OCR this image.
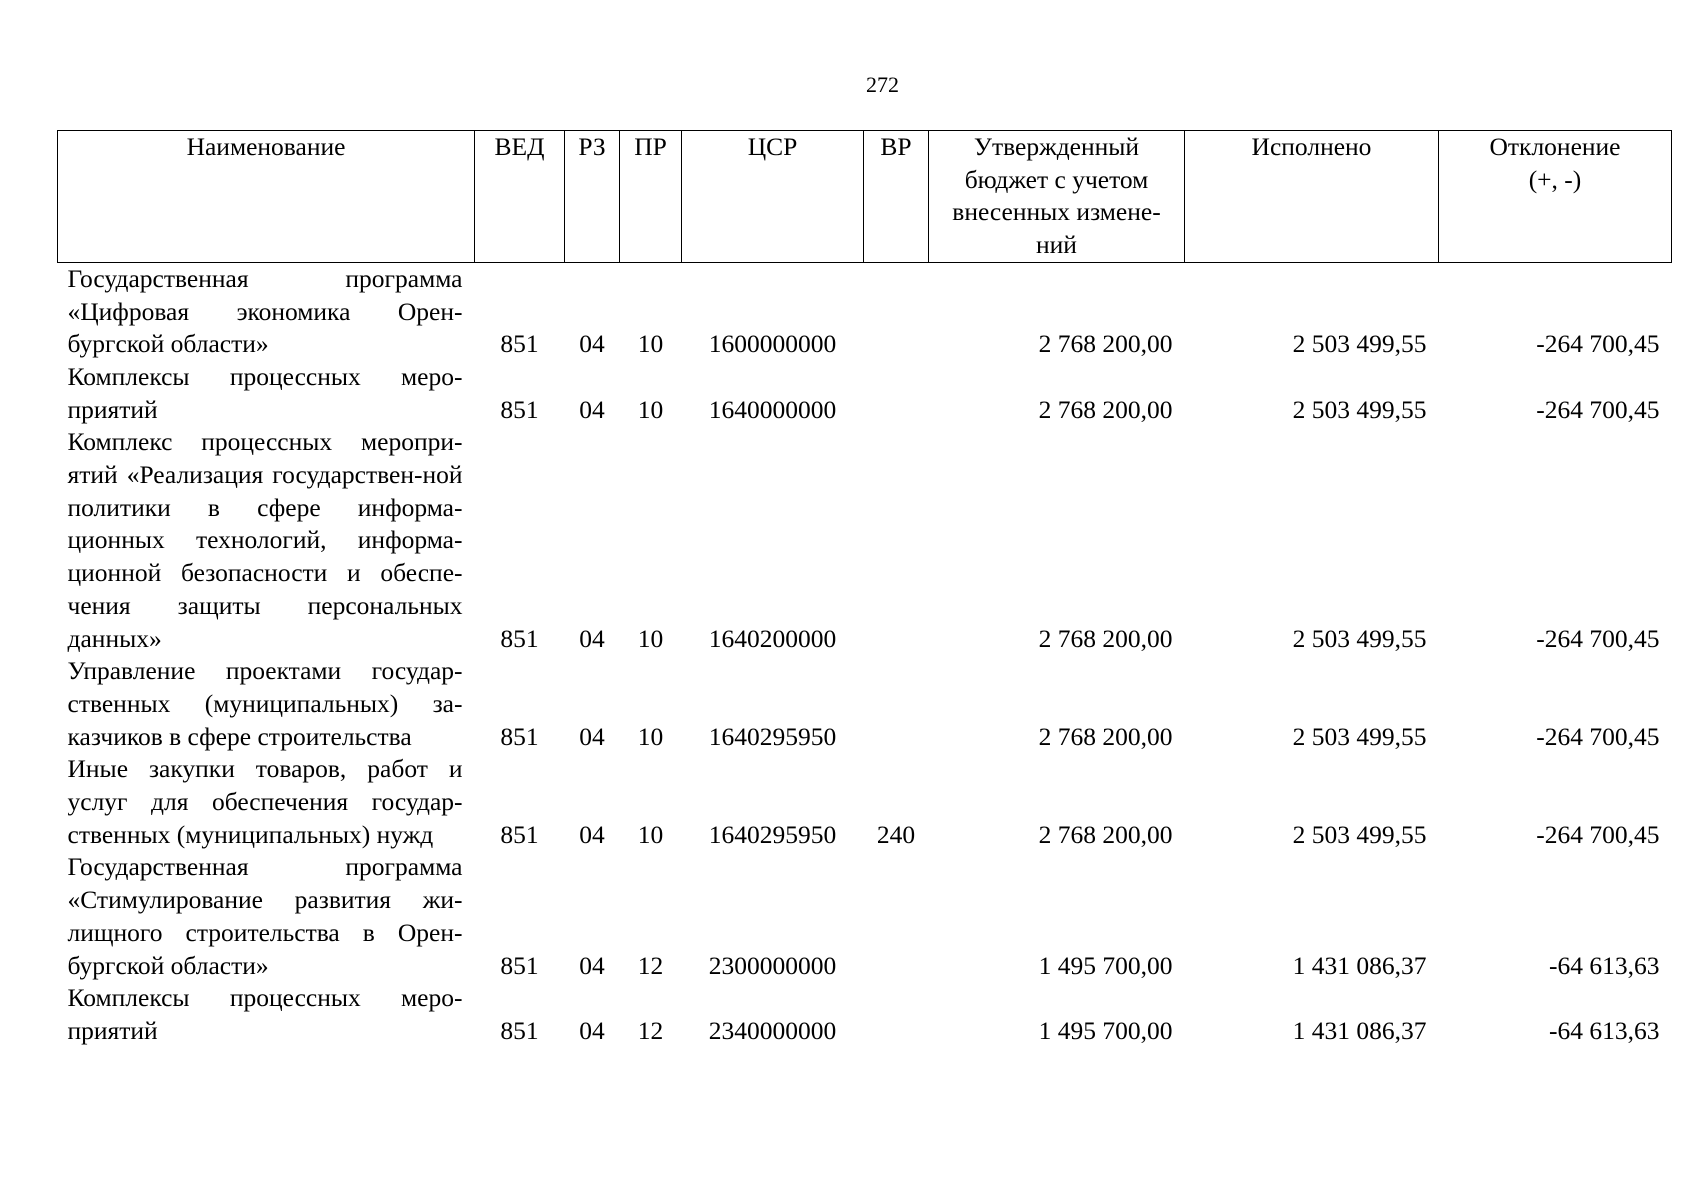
272
Наименование	ВЕД	РЗ	ПР	ЦСР	ВР	Утвержденный бюджет с учетом внесенных измене-ний	Исполнено	Отклонение (+, -)
Государственная программа «Цифровая экономика Орен-бургской области»	851	04	10	1600000000		2 768 200,00	2 503 499,55	-264 700,45
Комплексы процессных меро-приятий	851	04	10	1640000000		2 768 200,00	2 503 499,55	-264 700,45
Комплекс процессных меропри-ятий «Реализация государствен-ной политики в сфере информа-ционных технологий, информа-ционной безопасности и обеспе-чения защиты персональных данных»	851	04	10	1640200000		2 768 200,00	2 503 499,55	-264 700,45
Управление проектами государ-ственных (муниципальных) за-казчиков в сфере строительства	851	04	10	1640295950		2 768 200,00	2 503 499,55	-264 700,45
Иные закупки товаров, работ и услуг для обеспечения государ-ственных (муниципальных) нужд	851	04	10	1640295950	240	2 768 200,00	2 503 499,55	-264 700,45
Государственная программа «Стимулирование развития жи-лищного строительства в Орен-бургской области»	851	04	12	2300000000		1 495 700,00	1 431 086,37	-64 613,63
Комплексы процессных меро-приятий	851	04	12	2340000000		1 495 700,00	1 431 086,37	-64 613,63
